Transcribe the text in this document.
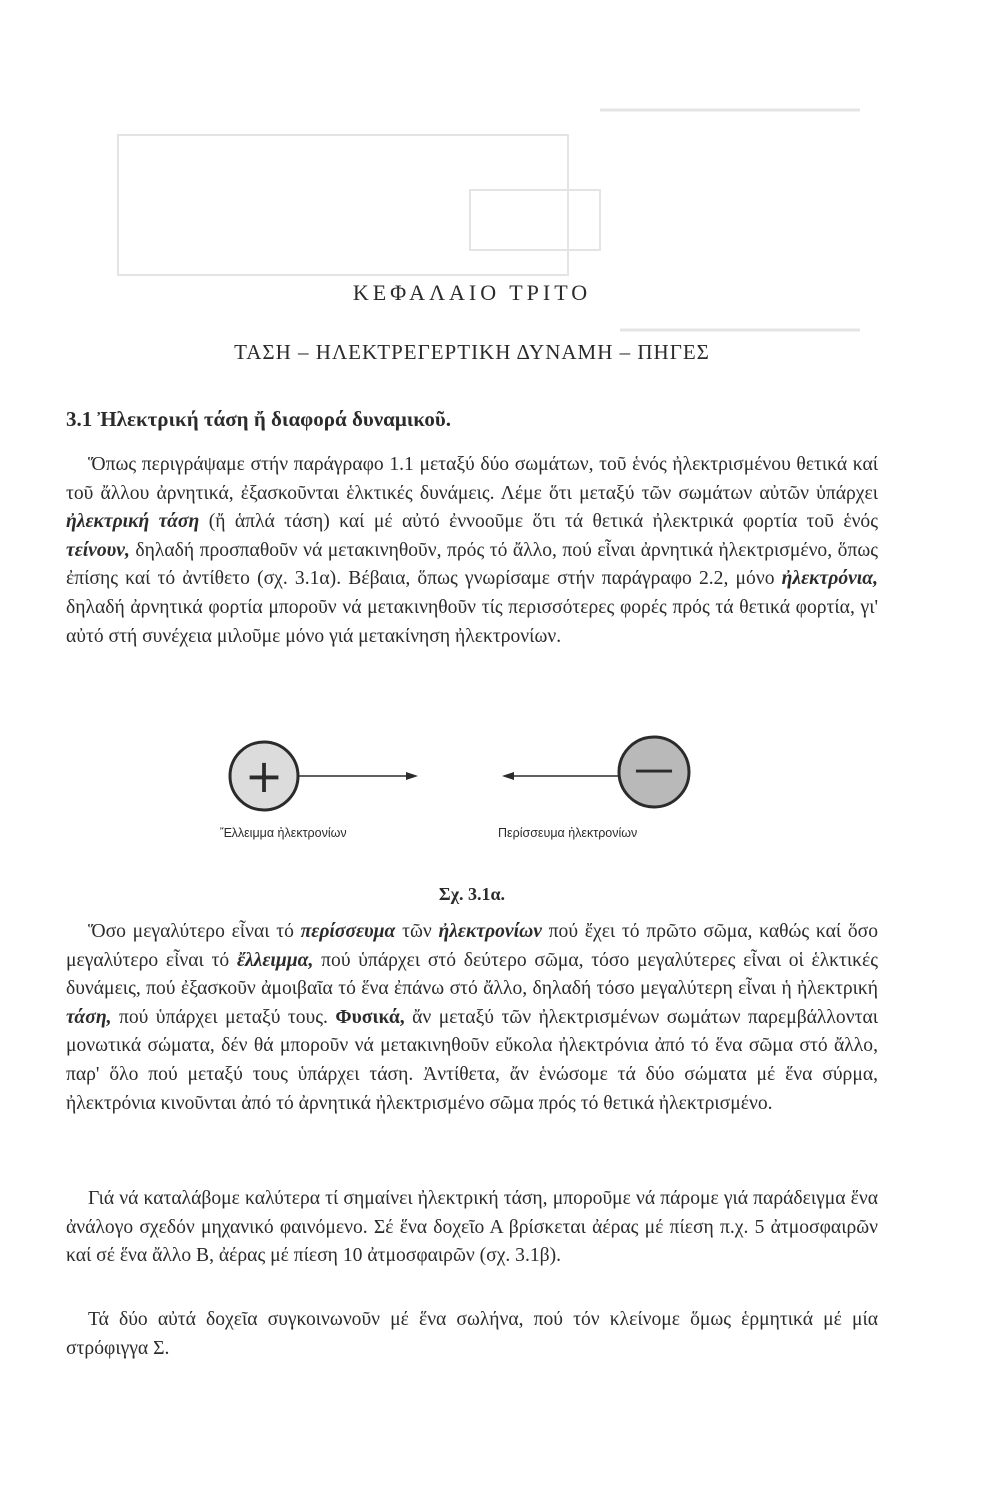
ΚΕΦΑΛΑΙΟ ΤΡΙΤΟ
ΤΑΣΗ – ΗΛΕΚΤΡΕΓΕΡΤΙΚΗ ΔΥΝΑΜΗ – ΠΗΓΕΣ
3.1 Ἠλεκτρική τάση ἤ διαφορά δυναμικοῦ.

Ὅπως περιγράψαμε στήν παράγραφο 1.1 μεταξύ δύο σωμάτων, τοῦ ἑνός ἠλεκτρισμένου θετικά καί τοῦ ἄλλου ἀρνητικά, ἐξασκοῦνται ἑλκτικές δυνάμεις. Λέμε ὅτι μεταξύ τῶν σωμάτων αὐτῶν ὑπάρχει ἠλεκτρική τάση (ἤ ἁπλά τάση) καί μέ αὐτό ἐννοοῦμε ὅτι τά θετικά ἠλεκτρικά φορτία τοῦ ἑνός τείνουν, δηλαδή προσπαθοῦν νά μετακινηθοῦν, πρός τό ἄλλο, πού εἶναι ἀρνητικά ἠλεκτρισμένο, ὅπως ἐπίσης καί τό ἀντίθετο (σχ. 3.1α). Βέβαια, ὅπως γνωρίσαμε στήν παράγραφο 2.2, μόνο ἠλεκτρόνια, δηλαδή ἀρνητικά φορτία μποροῦν νά μετακινηθοῦν τίς περισσότερες φορές πρός τά θετικά φορτία, γι' αὐτό στή συνέχεια μιλοῦμε μόνο γιά μετακίνηση ἠλεκτρονίων.

+	—
Ἔλλειμμα ἠλεκτρονίων	Περίσσευμα ἠλεκτρονίων
Σχ. 3.1α.

Ὅσο μεγαλύτερο εἶναι τό περίσσευμα τῶν ἠλεκτρονίων πού ἔχει τό πρῶτο σῶμα, καθώς καί ὅσο μεγαλύτερο εἶναι τό ἔλλειμμα, πού ὑπάρχει στό δεύτερο σῶμα, τόσο μεγαλύτερες εἶναι οἱ ἑλκτικές δυνάμεις, πού ἐξασκοῦν ἀμοιβαῖα τό ἕνα ἐπάνω στό ἄλλο, δηλαδή τόσο μεγαλύτερη εἶναι ἡ ἠλεκτρική τάση, πού ὑπάρχει μεταξύ τους. Φυσικά, ἄν μεταξύ τῶν ἠλεκτρισμένων σωμάτων παρεμβάλλονται μονωτικά σώματα, δέν θά μποροῦν νά μετακινηθοῦν εὔκολα ἠλεκτρόνια ἀπό τό ἕνα σῶμα στό ἄλλο, παρ' ὅλο πού μεταξύ τους ὑπάρχει τάση. Ἀντίθετα, ἄν ἑνώσομε τά δύο σώματα μέ ἕνα σύρμα, ἠλεκτρόνια κινοῦνται ἀπό τό ἀρνητικά ἠλεκτρισμένο σῶμα πρός τό θετικά ἠλεκτρισμένο.

Γιά νά καταλάβομε καλύτερα τί σημαίνει ἠλεκτρική τάση, μποροῦμε νά πάρομε γιά παράδειγμα ἕνα ἀνάλογο σχεδόν μηχανικό φαινόμενο. Σέ ἕνα δοχεῖο Α βρίσκεται ἀέρας μέ πίεση π.χ. 5 ἀτμοσφαιρῶν καί σέ ἕνα ἄλλο Β, ἀέρας μέ πίεση 10 ἀτμοσφαιρῶν (σχ. 3.1β).

Τά δύο αὐτά δοχεῖα συγκοινωνοῦν μέ ἕνα σωλήνα, πού τόν κλείνομε ὅμως ἑρμητικά μέ μία στρόφιγγα Σ.
